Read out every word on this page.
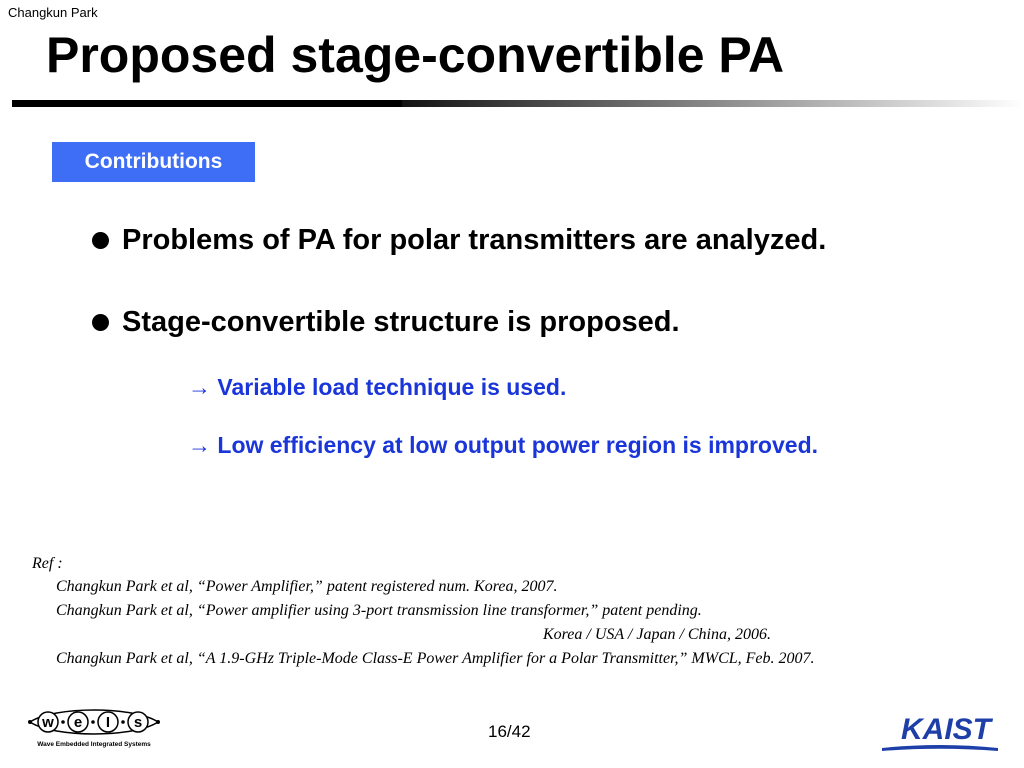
Changkun Park
Proposed stage-convertible PA
Contributions
Problems of PA for polar transmitters are analyzed.
Stage-convertible structure is proposed.
→ Variable load technique is used.
→ Low efficiency at low output power region is improved.
Ref :
Changkun Park et al, “Power Amplifier,” patent registered num. Korea, 2007.
Changkun Park et al, “Power amplifier using 3-port transmission line transformer,” patent pending.
Korea / USA / Japan / China, 2006.
Changkun Park et al, “A 1.9-GHz Triple-Mode Class-E Power Amplifier for a Polar Transmitter,” MWCL, Feb. 2007.
w e I s
Wave Embedded Integrated Systems
16/42	KAIST
